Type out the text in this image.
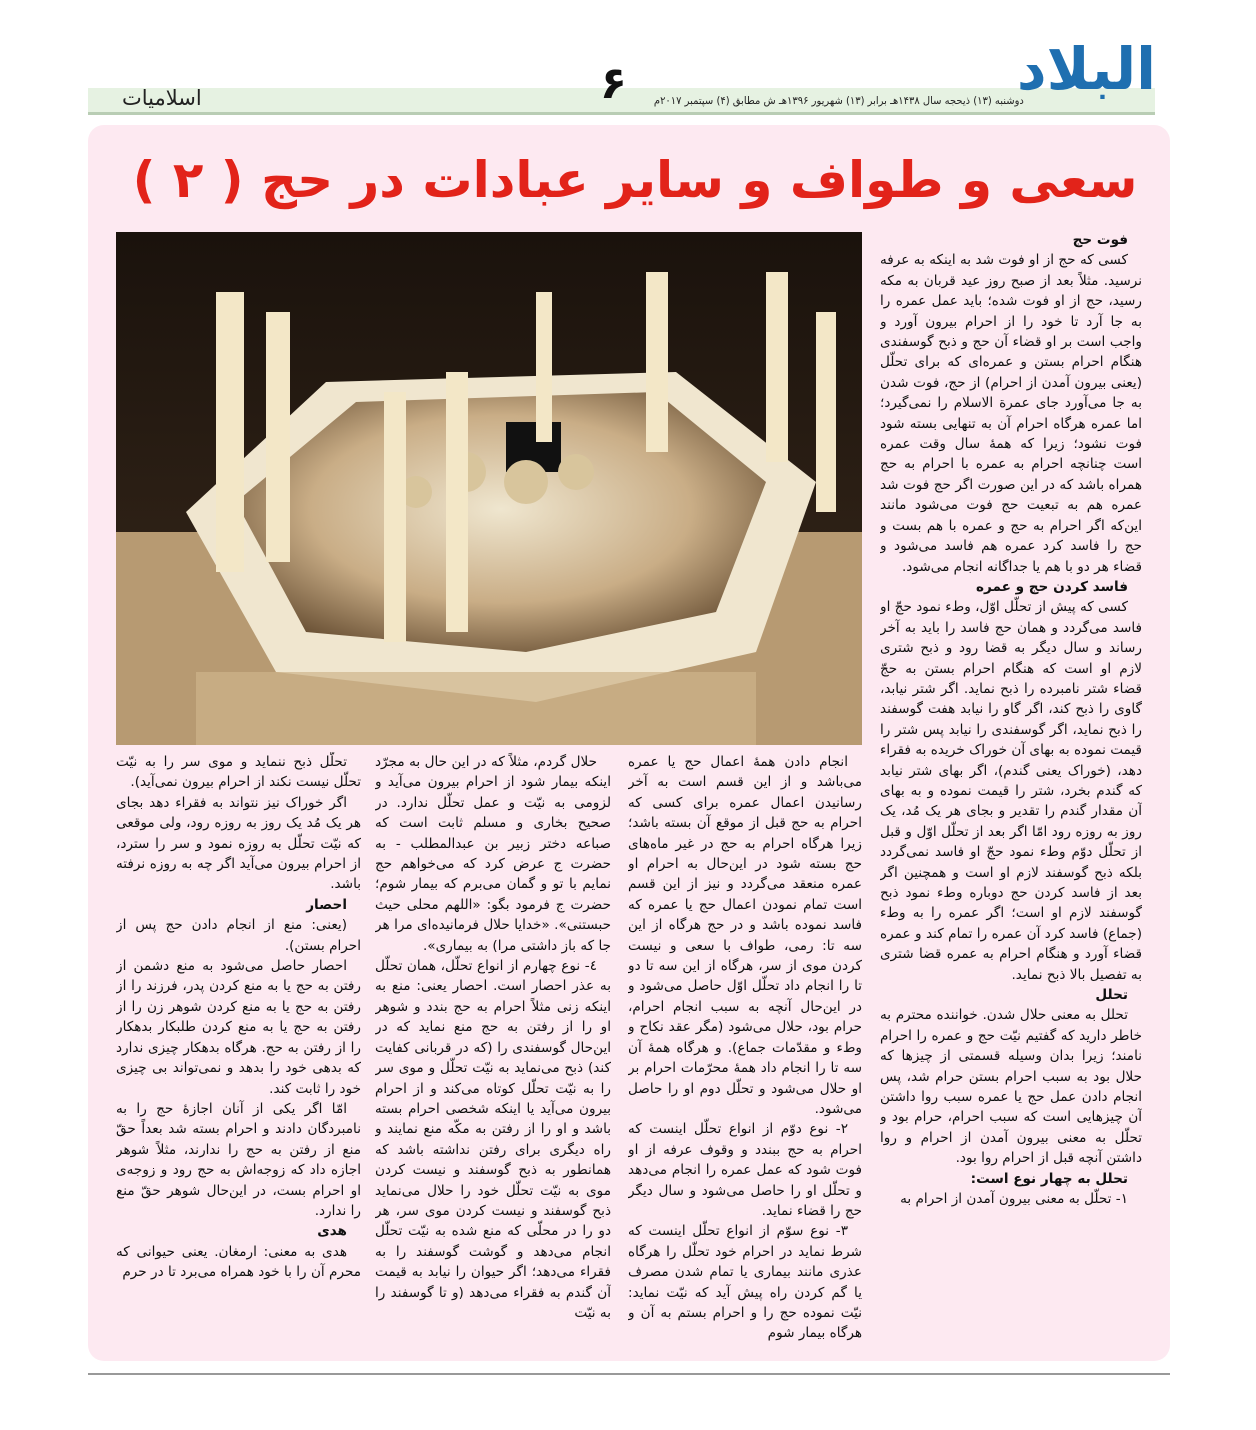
البلاد
۶	دوشنبه (۱۳) ذیحجه سال ۱۴۳۸هـ برابر (۱۳) شهریور ۱۳۹۶هـ ش مطابق (۴) سپتمبر ۲۰۱۷م
اسلامیات
سعی و طواف و سایر عبادات در حج ( ۲ )
فوت حج

کسی که حج از او فوت شد به اینکه به عرفه نرسید. مثلاً بعد از صبح روز عید قربان به مکه رسید، حج از او فوت شده؛ باید عمل عمره را به جا آرد تا خود را از احرام بیرون آورد و واجب است بر او قضاء آن حج و ذبح گوسفندی هنگام احرام بستن و عمره‌ای که برای تحلّل (یعنی بیرون آمدن از احرام) از حج، فوت شدن به جا می‌آورد جای عمرة الاسلام را نمی‌گیرد؛ اما عمره هرگاه احرام آن به تنهایی بسته شود فوت نشود؛ زیرا که همهٔ سال وقت عمره است چنانچه احرام به عمره با احرام به حج همراه باشد که در این صورت اگر حج فوت شد عمره هم به تبعیت حج فوت می‌شود مانند این‌که اگر احرام به حج و عمره با هم بست و حج را فاسد کرد عمره هم فاسد می‌شود و قضاء هر دو با هم یا جداگانه انجام می‌شود.

فاسد کردن حج و عمره

کسی که پیش از تحلّل اوّل، وطء نمود حجّ او فاسد می‌گردد و همان حج فاسد را باید به آخر رساند و سال دیگر به قضا رود و ذبح شتری لازم او است که هنگام احرام بستن به حجّ قضاء شتر نامبرده را ذبح نماید. اگر شتر نیابد، گاوی را ذبح کند، اگر گاو را نیابد هفت گوسفند را ذبح نماید، اگر گوسفندی را نیابد پس شتر را قیمت نموده به بهای آن خوراک خریده به فقراء دهد، (خوراک یعنی گندم)، اگر بهای شتر نیابد که گندم بخرد، شتر را قیمت نموده و به بهای آن مقدار گندم را تقدیر و بجای هر یک مُد، یک روز به روزه رود امّا اگر بعد از تحلّل اوّل و قبل از تحلّل دوّم وطء نمود حجّ او فاسد نمی‌گردد بلکه ذبح گوسفند لازم او است و همچنین اگر بعد از فاسد کردن حج دوباره وطء نمود ذبح گوسفند لازم او است؛ اگر عمره را به وطء (جماع) فاسد کرد آن عمره را تمام کند و عمره قضاء آورد و هنگام احرام به عمره قضا شتری به تفصیل بالا ذبح نماید.

تحلل

تحلل به معنی حلال شدن. خواننده محترم به خاطر دارید که گفتیم نیّت حج و عمره را احرام نامند؛ زیرا بدان وسیله قسمتی از چیزها که حلال بود به سبب احرام بستن حرام شد، پس انجام دادن عمل حج یا عمره سبب روا داشتن آن چیزهایی است که سبب احرام، حرام بود و تحلّل به معنی بیرون آمدن از احرام و روا داشتن آنچه قبل از احرام روا بود.

تحلل به چهار نوع است:

۱- تحلّل به معنی بیرون آمدن از احرام به

انجام دادن همهٔ اعمال حج یا عمره می‌باشد و از این قسم است به آخر رسانیدن اعمال عمره برای کسی که احرام به حج قبل از موقع آن بسته باشد؛ زیرا هرگاه احرام به حج در غیر ماه‌های حج بسته شود در این‌حال به احرام او عمره منعقد می‌گردد و نیز از این قسم است تمام نمودن اعمال حج یا عمره که فاسد نموده باشد و در حج هرگاه از این سه تا: رمی، طواف با سعی و نیست کردن موی از سر، هرگاه از این سه تا دو تا را انجام داد تحلّل اوّل حاصل می‌شود و در این‌حال آنچه به سبب انجام احرام، حرام بود، حلال می‌شود (مگر عقد نکاح و وطء و مقدّمات جماع). و هرگاه همهٔ آن سه تا را انجام داد همهٔ محرّمات احرام بر او حلال می‌شود و تحلّل دوم او را حاصل می‌شود.

۲- نوع دوّم از انواع تحلّل اینست که احرام به حج ببندد و وقوف عرفه از او فوت شود که عمل عمره را انجام می‌دهد و تحلّل او را حاصل می‌شود و سال دیگر حج را قضاء نماید.

۳- نوع سوّم از انواع تحلّل اینست که شرط نماید در احرام خود تحلّل را هرگاه عذری مانند بیماری یا تمام شدن مصرف یا گم کردن راه پیش آید که نیّت نماید: نیّت نموده حج را و احرام بستم به آن و هرگاه بیمار شوم

حلال گردم، مثلاً که در این حال به مجرّد اینکه بیمار شود از احرام بیرون می‌آید و لزومی به نیّت و عمل تحلّل ندارد. در صحیح بخاری و مسلم ثابت است که صباعه دختر زبیر بن عبدالمطلب - به حضرت ج عرض کرد که می‌خواهم حج نمایم با تو و گمان می‌برم که بیمار شوم؛ حضرت ج فرمود بگو: «اللهم محلی حیث حبستنی». «خدایا حلال فرمانیده‌ای مرا هر جا که باز داشتی مرا) به بیماری».

٤- نوع چهارم از انواع تحلّل، همان تحلّل به عذر احصار است. احصار یعنی: منع به اینکه زنی مثلاً احرام به حج بندد و شوهر او را از رفتن به حج منع نماید که در این‌حال گوسفندی را (که در قربانی کفایت کند) ذبح می‌نماید به نیّت تحلّل و موی سر را به نیّت تحلّل کوتاه می‌کند و از احرام بیرون می‌آید یا اینکه شخصی احرام بسته باشد و او را از رفتن به مکّه منع نمایند و راه دیگری برای رفتن نداشته باشد که همانطور به ذبح گوسفند و نیست کردن موی به نیّت تحلّل خود را حلال می‌نماید ذبح گوسفند و نیست کردن موی سر، هر دو را در محلّی که منع شده به نیّت تحلّل انجام می‌دهد و گوشت گوسفند را به فقراء می‌دهد؛ اگر حیوان را نیابد به قیمت آن گندم به فقراء می‌دهد (و تا گوسفند را به نیّت

تحلّل ذبح ننماید و موی سر را به نیّت تحلّل نیست نکند از احرام بیرون نمی‌آید).

اگر خوراک نیز نتواند به فقراء دهد بجای هر یک مُد یک روز به روزه رود، ولی موقعی که نیّت تحلّل به روزه نمود و سر را سترد، از احرام بیرون می‌آید اگر چه به روزه نرفته باشد.

احصار

(یعنی: منع از انجام دادن حج پس از احرام بستن).

احصار حاصل می‌شود به منع دشمن از رفتن به حج یا به منع کردن پدر، فرزند را از رفتن به حج یا به منع کردن شوهر زن را از رفتن به حج یا به منع کردن طلبکار بدهکار را از رفتن به حج. هرگاه بدهکار چیزی ندارد که بدهی خود را بدهد و نمی‌تواند بی چیزی خود را ثابت کند.

امّا اگر یکی از آنان اجازهٔ حج را به نامبردگان دادند و احرام بسته شد بعداً حقّ منع از رفتن به حج را ندارند، مثلاً شوهر اجازه داد که زوجه‌اش به حج رود و زوجه‌ی او احرام بست، در این‌حال شوهر حقّ منع را ندارد.

هدی

هدی به معنی: ارمغان. یعنی حیوانی که محرم آن را با خود همراه می‌برد تا در حرم
